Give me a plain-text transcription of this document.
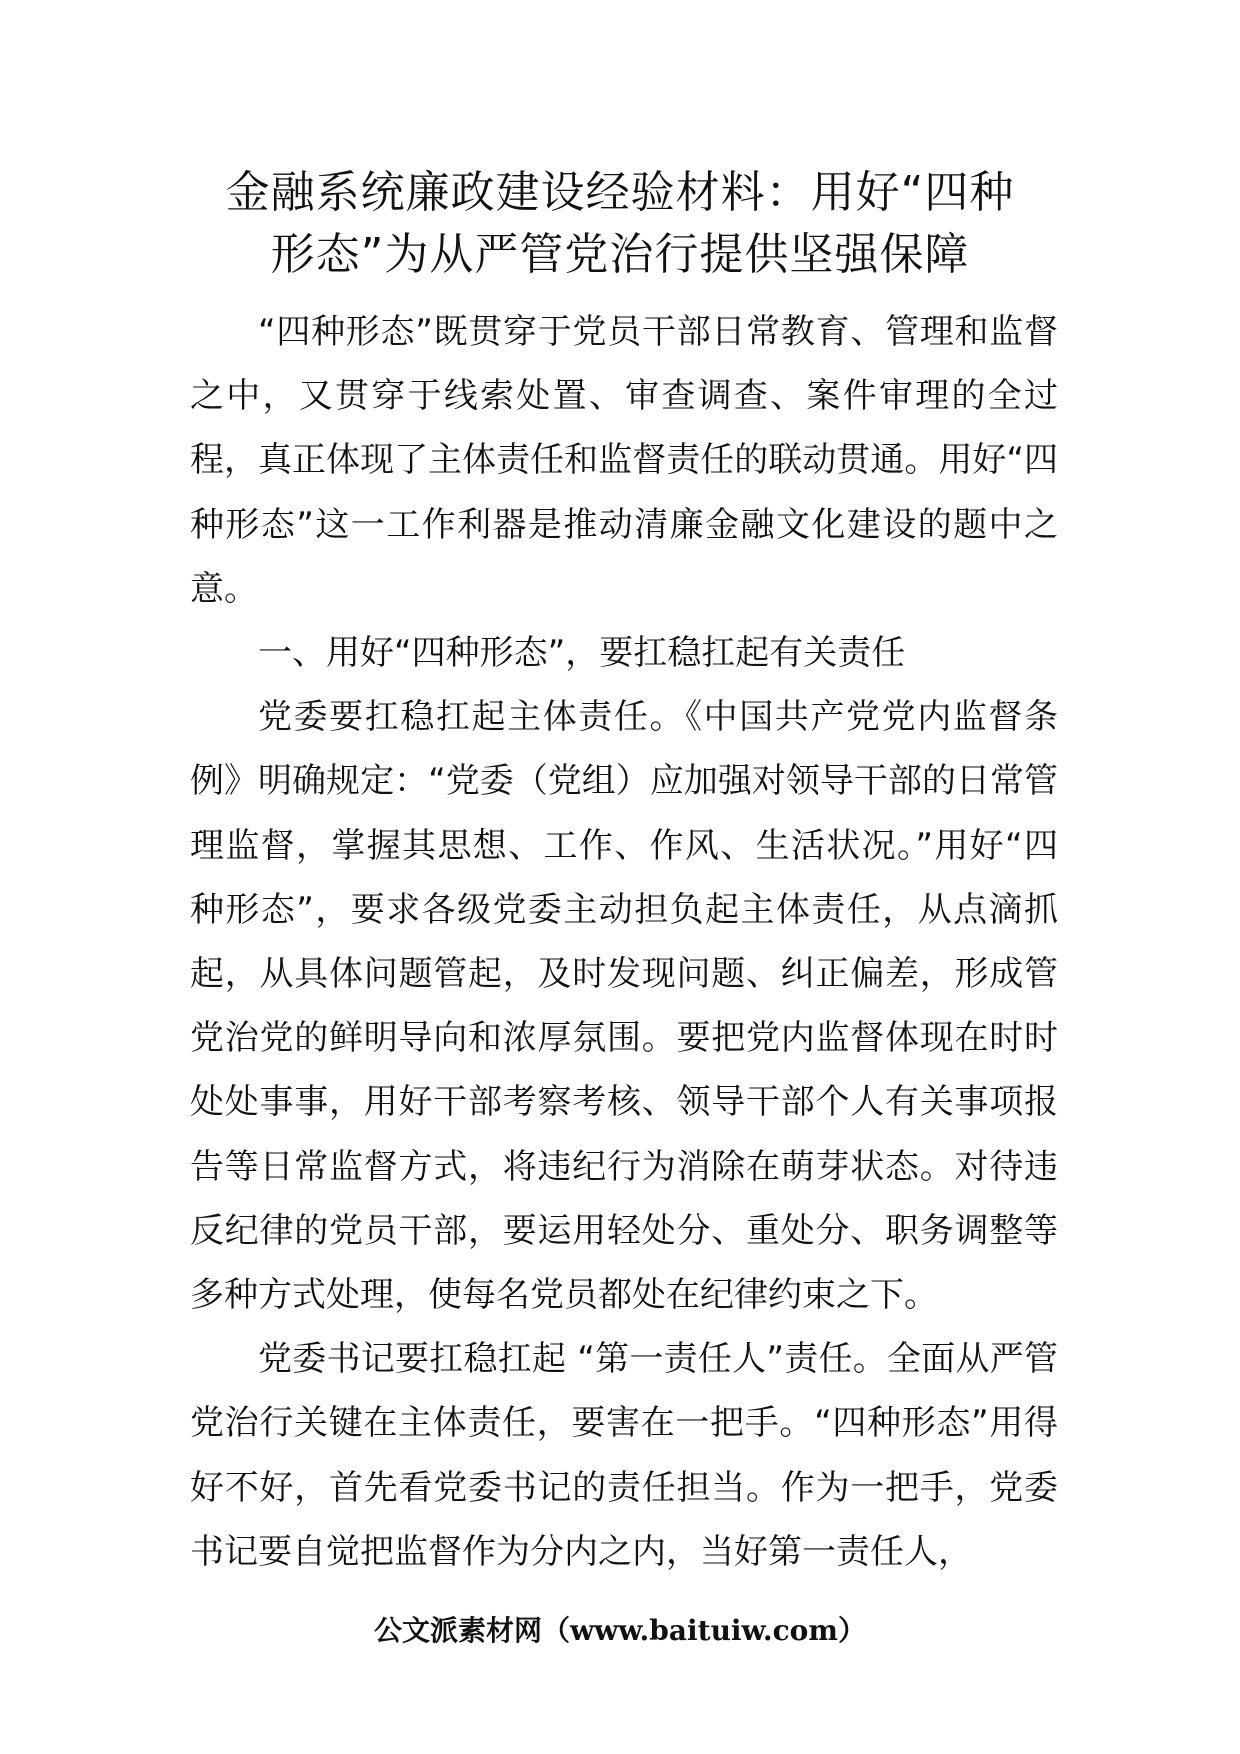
金融系统廉政建设经验材料：用好“四种
形态”为从严管党治行提供坚强保障

“四种形态”既贯穿于党员干部日常教育、管理和监督之中，又贯穿于线索处置、审查调查、案件审理的全过程，真正体现了主体责任和监督责任的联动贯通。用好“四种形态”这一工作利器是推动清廉金融文化建设的题中之意。

一、用好“四种形态”，要扛稳扛起有关责任

党委要扛稳扛起主体责任。《中国共产党党内监督条例》明确规定：“党委（党组）应加强对领导干部的日常管理监督，掌握其思想、工作、作风、生活状况。”用好“四种形态”，要求各级党委主动担负起主体责任，从点滴抓起，从具体问题管起，及时发现问题、纠正偏差，形成管党治党的鲜明导向和浓厚氛围。要把党内监督体现在时时处处事事，用好干部考察考核、领导干部个人有关事项报告等日常监督方式，将违纪行为消除在萌芽状态。对待违反纪律的党员干部，要运用轻处分、重处分、职务调整等多种方式处理，使每名党员都处在纪律约束之下。

党委书记要扛稳扛起 “第一责任人”责任。全面从严管党治行关键在主体责任，要害在一把手。“四种形态”用得好不好，首先看党委书记的责任担当。作为一把手，党委书记要自觉把监督作为分内之内，当好第一责任人，

公文派素材网（www.baituiw.com）
